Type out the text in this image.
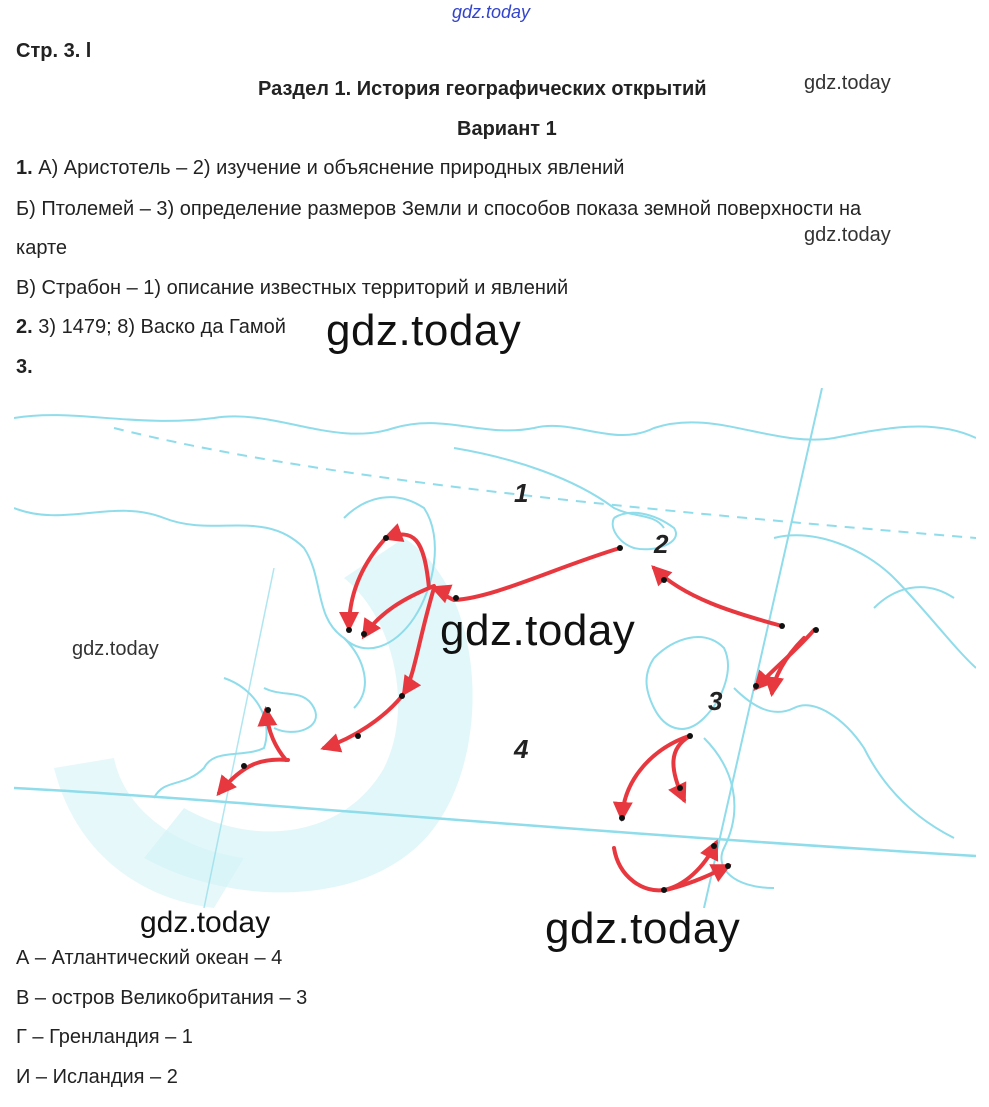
gdz.today
Стр. 3. l
Раздел 1. История географических открытий	gdz.today
Вариант 1
1. А) Аристотель – 2) изучение и объяснение природных явлений
Б) Птолемей – 3) определение размеров Земли и способов показа земной поверхности на
карте
gdz.today
В) Страбон – 1) описание известных территорий и явлений
2. 3) 1479; 8) Васко да Гамой gdz.today
3.
1
2
3
4
gdz.today
gdz.today
gdz.today	gdz.today
А – Атлантический океан – 4
В – остров Великобритания – 3
Г – Гренландия – 1
И – Исландия – 2
